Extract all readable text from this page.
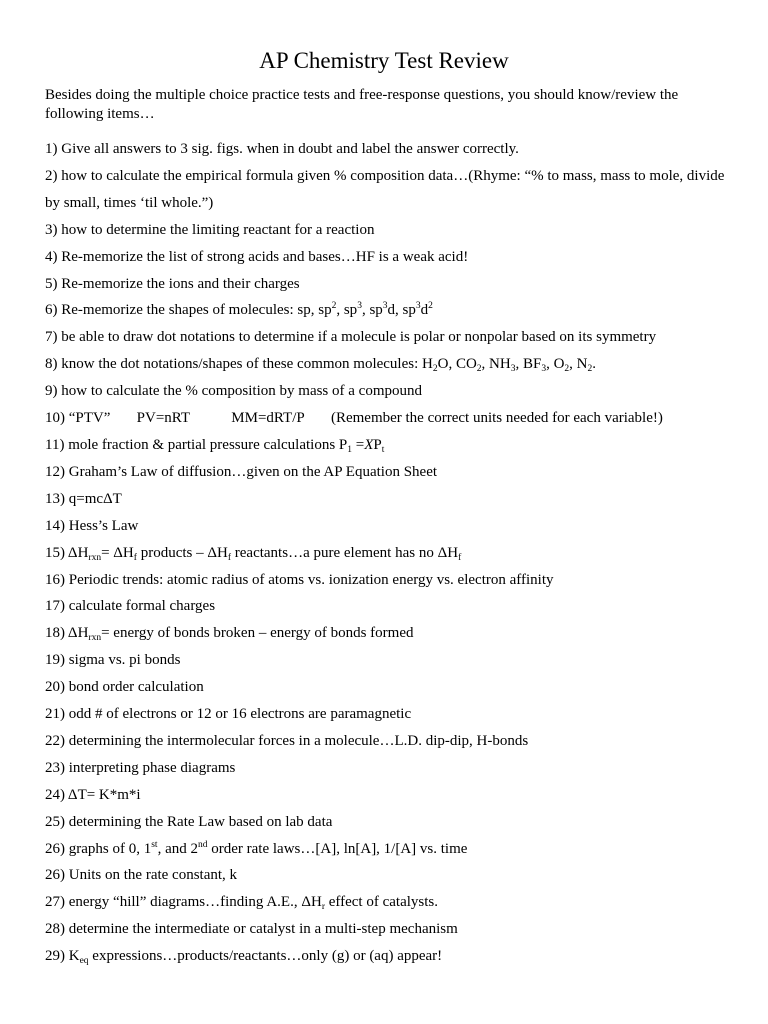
AP Chemistry Test Review
Besides doing the multiple choice practice tests and free-response questions, you should know/review the following items…
1) Give all answers to 3 sig. figs. when in doubt and label the answer correctly.
2) how to calculate the empirical formula given % composition data…(Rhyme: “% to mass, mass to mole, divide by small, times ‘til whole.”)
3) how to determine the limiting reactant for a reaction
4) Re-memorize the list of strong acids and bases…HF is a weak acid!
5) Re-memorize the ions and their charges
6) Re-memorize the shapes of molecules: sp, $sp^2$, $sp^3$, $sp^3d$, $sp^3d^2$
7) be able to draw dot notations to determine if a molecule is polar or nonpolar based on its symmetry
8) know the dot notations/shapes of these common molecules: $H_2O$, $CO_2$, $NH_3$, $BF_3$, $O_2$, $N_2$.
9) how to calculate the % composition by mass of a compound
10) “PTV”       PV=nRT           MM=dRT/P       (Remember the correct units needed for each variable!)
11) mole fraction & partial pressure calculations $P_1 =XP_t$
12) Graham’s Law of diffusion…given on the AP Equation Sheet
13) q=mcΔT
14) Hess’s Law
15) $\Delta H_{rxn}= \Delta H_f$ products – $\Delta H_f$ reactants…a pure element has no $\Delta H_f$
16) Periodic trends: atomic radius of atoms vs. ionization energy vs. electron affinity
17) calculate formal charges
18) $\Delta H_{rxn}=$ energy of bonds broken – energy of bonds formed
19) sigma vs. pi bonds
20) bond order calculation
21) odd # of electrons or 12 or 16 electrons are paramagnetic
22) determining the intermolecular forces in a molecule…L.D. dip-dip, H-bonds
23) interpreting phase diagrams
24) ΔT= K*m*i
25) determining the Rate Law based on lab data
26) graphs of 0, 1st, and 2nd order rate laws…[A], ln[A], 1/[A] vs. time
26) Units on the rate constant, k
27) energy “hill” diagrams…finding A.E., $\Delta H_r$ effect of catalysts.
28) determine the intermediate or catalyst in a multi-step mechanism
29) $K_{eq}$ expressions…products/reactants…only (g) or (aq) appear!
